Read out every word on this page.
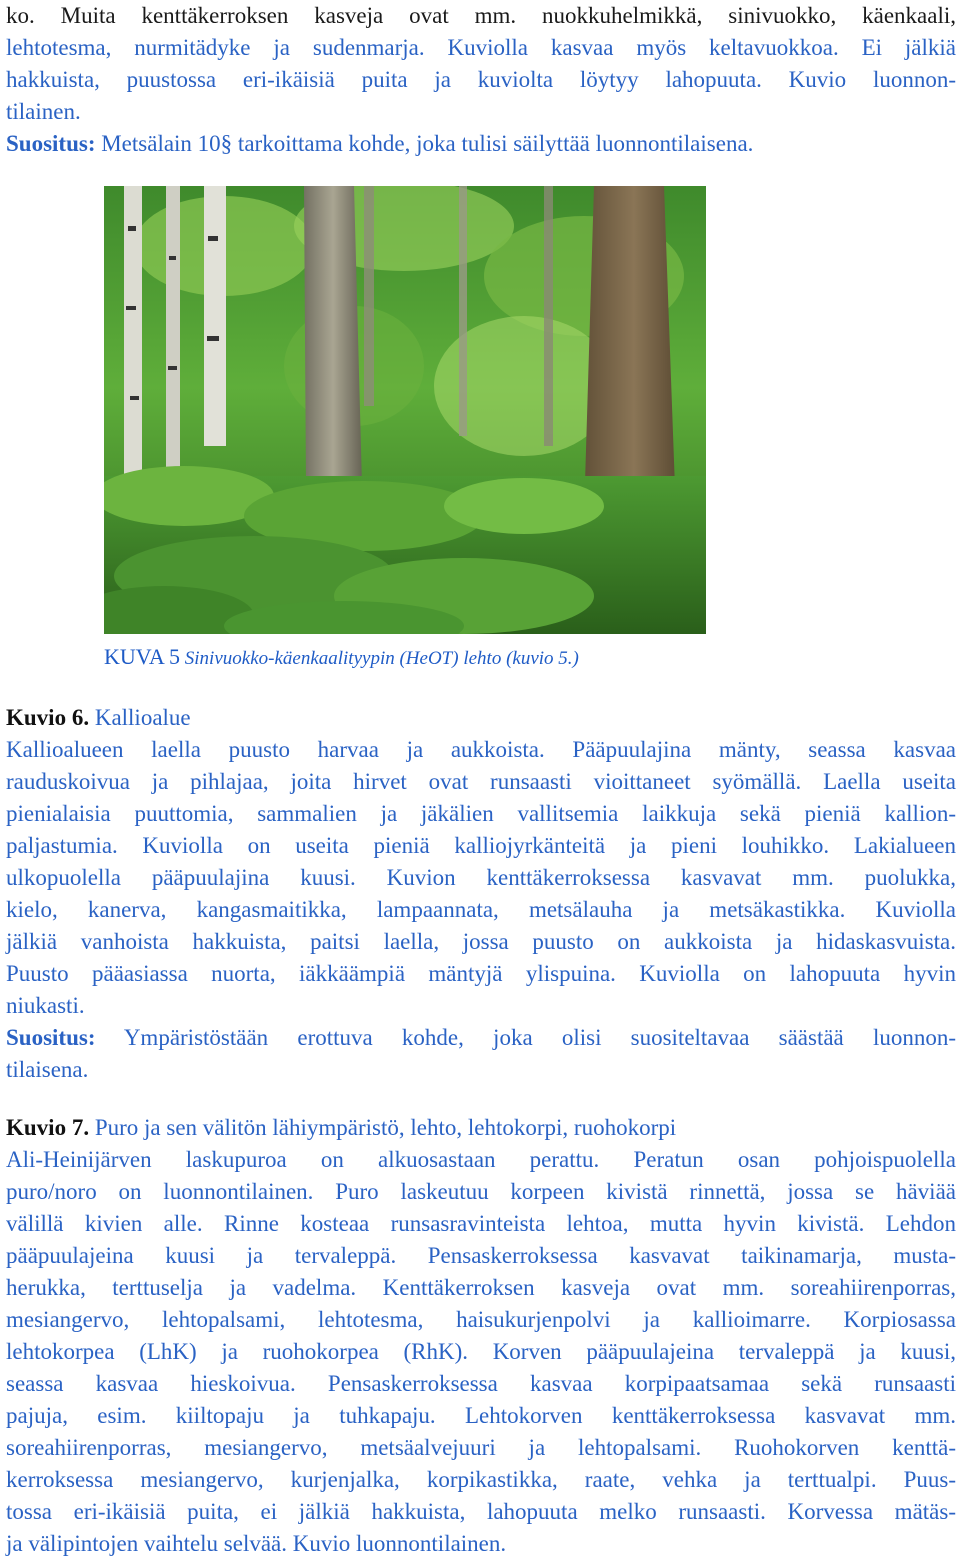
ko. Muita kenttäkerroksen kasveja ovat mm. nuokkuhelmikkä, sinivuokko, käenkaali,
lehtotesma, nurmitädyke ja sudenmarja. Kuviolla kasvaa myös keltavuokkoa. Ei jälkiä
hakkuista, puustossa eri-ikäisiä puita ja kuviolta löytyy lahopuuta. Kuvio luonnon-
tilainen.
Suositus: Metsälain 10§ tarkoittama kohde, joka tulisi säilyttää luonnontilaisena.
KUVA 5 Sinivuokko-käenkaalityypin (HeOT) lehto (kuvio 5.)
Kuvio 6. Kallioalue
Kallioalueen laella puusto harvaa ja aukkoista. Pääpuulajina mänty, seassa kasvaa
rauduskoivua ja pihlajaa, joita hirvet ovat runsaasti vioittaneet syömällä. Laella useita
pienialaisia puuttomia, sammalien ja jäkälien vallitsemia laikkuja sekä pieniä kallion-
paljastumia. Kuviolla on useita pieniä kalliojyrkänteitä ja pieni louhikko. Lakialueen
ulkopuolella pääpuulajina kuusi. Kuvion kenttäkerroksessa kasvavat mm. puolukka,
kielo, kanerva, kangasmaitikka, lampaannata, metsälauha ja metsäkastikka. Kuviolla
jälkiä vanhoista hakkuista, paitsi laella, jossa puusto on aukkoista ja hidaskasvuista.
Puusto pääasiassa nuorta, iäkkäämpiä mäntyjä ylispuina. Kuviolla on lahopuuta hyvin
niukasti.
Suositus: Ympäristöstään erottuva kohde, joka olisi suositeltavaa säästää luonnon-
tilaisena.
Kuvio 7. Puro ja sen välitön lähiympäristö, lehto, lehtokorpi, ruohokorpi
Ali-Heinijärven laskupuroa on alkuosastaan perattu. Peratun osan pohjoispuolella
puro/noro on luonnontilainen. Puro laskeutuu korpeen kivistä rinnettä, jossa se häviää
välillä kivien alle. Rinne kosteaa runsasravinteista lehtoa, mutta hyvin kivistä. Lehdon
pääpuulajeina kuusi ja tervaleppä. Pensaskerroksessa kasvavat taikinamarja, musta-
herukka, terttuselja ja vadelma. Kenttäkerroksen kasveja ovat mm. soreahiirenporras,
mesiangervo, lehtopalsami, lehtotesma, haisukurjenpolvi ja kallioimarre. Korpiosassa
lehtokorpea (LhK) ja ruohokorpea (RhK). Korven pääpuulajeina tervaleppä ja kuusi,
seassa kasvaa hieskoivua. Pensaskerroksessa kasvaa korpipaatsamaa sekä runsaasti
pajuja, esim. kiiltopaju ja tuhkapaju. Lehtokorven kenttäkerroksessa kasvavat mm.
soreahiirenporras, mesiangervo, metsäalvejuuri ja lehtopalsami. Ruohokorven kenttä-
kerroksessa mesiangervo, kurjenjalka, korpikastikka, raate, vehka ja terttualpi. Puus-
tossa eri-ikäisiä puita, ei jälkiä hakkuista, lahopuuta melko runsaasti. Korvessa mätäs-
ja välipintojen vaihtelu selvää. Kuvio luonnontilainen.
